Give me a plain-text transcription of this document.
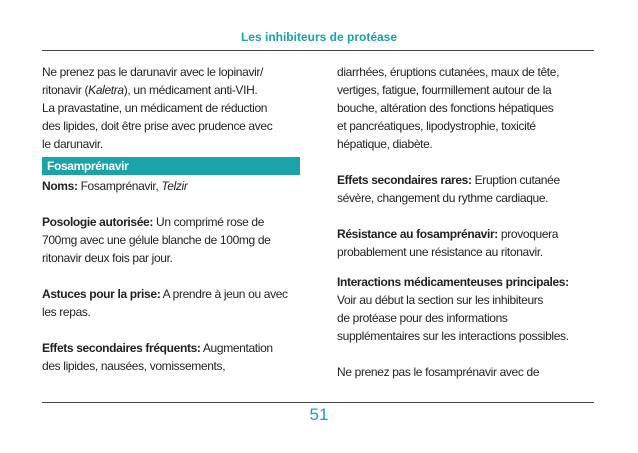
Les inhibiteurs de protéase

Ne prenez pas le darunavir avec le lopinavir/

ritonavir (Kaletra), un médicament anti-VIH.

La pravastatine, un médicament de réduction

des lipides, doit être prise avec prudence avec

le darunavir.

Fosamprénavir

Noms: Fosamprénavir, Telzir

Posologie autorisée: Un comprimé rose de

700mg avec une gélule blanche de 100mg de

ritonavir deux fois par jour.

Astuces pour la prise: A prendre à jeun ou avec

les repas.

Effets secondaires fréquents: Augmentation

des lipides, nausées, vomissements,

diarrhées, éruptions cutanées, maux de tête,

vertiges, fatigue, fourmillement autour de la

bouche, altération des fonctions hépatiques

et pancréatiques, lipodystrophie, toxicité

hépatique, diabète.

Effets secondaires rares: Eruption cutanée

sévère, changement du rythme cardiaque.

Résistance au fosamprénavir: provoquera

probablement une résistance au ritonavir.

Interactions médicamenteuses principales:

Voir au début la section sur les inhibiteurs

de protéase pour des informations

supplémentaires sur les interactions possibles.

Ne prenez pas le fosamprénavir avec de

51
